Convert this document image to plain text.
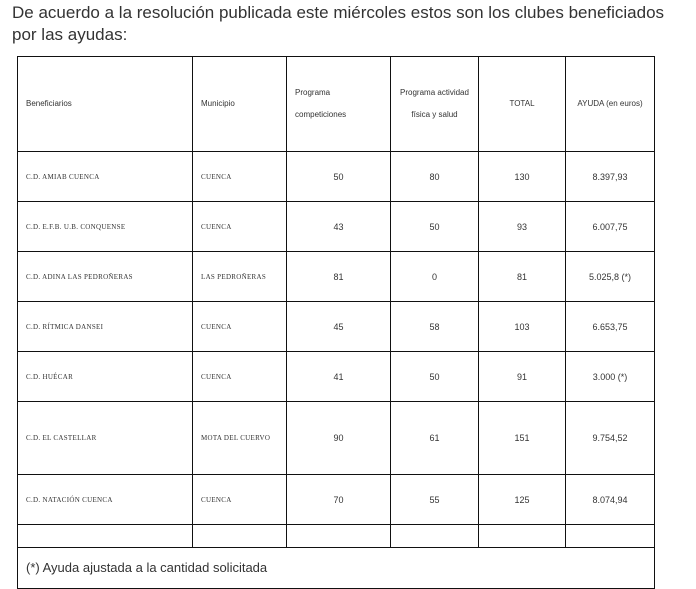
De acuerdo a la resolución publicada este miércoles estos son los clubes beneficiados por las ayudas:

Beneficiarios	Municipio	Programa competiciones	Programa actividad física y salud	TOTAL	AYUDA (en euros)
C.D. AMIAB CUENCA	CUENCA	50	80	130	8.397,93
C.D. E.F.B. U.B. CONQUENSE	CUENCA	43	50	93	6.007,75
C.D. ADINA LAS PEDROÑERAS	LAS PEDROÑERAS	81	0	81	5.025,8 (*)
C.D. RÍTMICA DANSEI	CUENCA	45	58	103	6.653,75
C.D. HUÉCAR	CUENCA	41	50	91	3.000 (*)
C.D. EL CASTELLAR	MOTA DEL CUERVO	90	61	151	9.754,52
C.D. NATACIÓN CUENCA	CUENCA	70	55	125	8.074,94

(*) Ayuda ajustada a la cantidad solicitada					
